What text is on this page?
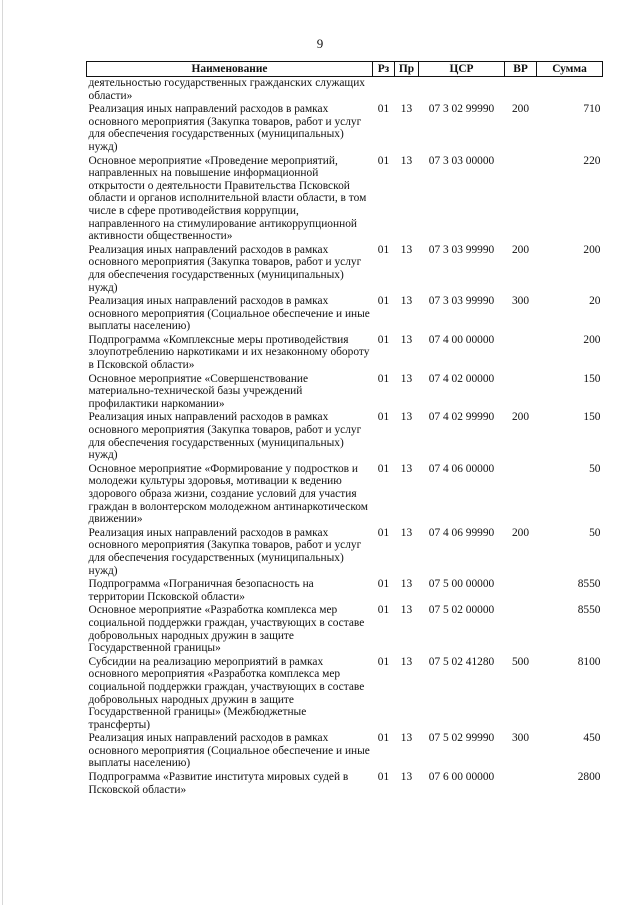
9
Наименование	Рз	Пр	ЦСР	ВР	Сумма
деятельностью государственных гражданских служащих области»					
Реализация иных направлений расходов в рамках основного мероприятия (Закупка товаров, работ и услуг для обеспечения государственных (муниципальных) нужд)	01	13	07 3 02 99990	200	710
Основное мероприятие «Проведение мероприятий, направленных на повышение информационной открытости о деятельности Правительства Псковской области и органов исполнительной власти области, в том числе в сфере противодействия коррупции, направленного на стимулирование антикоррупционной активности общественности»	01	13	07 3 03 00000		220
Реализация иных направлений расходов в рамках основного мероприятия (Закупка товаров, работ и услуг для обеспечения государственных (муниципальных) нужд)	01	13	07 3 03 99990	200	200
Реализация иных направлений расходов в рамках основного мероприятия (Социальное обеспечение и иные выплаты населению)	01	13	07 3 03 99990	300	20
Подпрограмма «Комплексные меры противодействия злоупотреблению наркотиками и их незаконному обороту в Псковской области»	01	13	07 4 00 00000		200
Основное мероприятие «Совершенствование материально-технической базы учреждений профилактики наркомании»	01	13	07 4 02 00000		150
Реализация иных направлений расходов в рамках основного мероприятия (Закупка товаров, работ и услуг для обеспечения государственных (муниципальных) нужд)	01	13	07 4 02 99990	200	150
Основное мероприятие «Формирование у подростков и молодежи культуры здоровья, мотивации к ведению здорового образа жизни, создание условий для участия граждан в волонтерском молодежном антинаркотическом движении»	01	13	07 4 06 00000		50
Реализация иных направлений расходов в рамках основного мероприятия (Закупка товаров, работ и услуг для обеспечения государственных (муниципальных) нужд)	01	13	07 4 06 99990	200	50
Подпрограмма «Пограничная безопасность на территории Псковской области»	01	13	07 5 00 00000		8550
Основное мероприятие «Разработка комплекса мер социальной поддержки граждан, участвующих в составе добровольных народных дружин в защите Государственной границы»	01	13	07 5 02 00000		8550
Субсидии на реализацию мероприятий в рамках основного мероприятия «Разработка комплекса мер социальной поддержки граждан, участвующих в составе добровольных народных дружин в защите Государственной границы» (Межбюджетные трансферты)	01	13	07 5 02 41280	500	8100
Реализация иных направлений расходов в рамках основного мероприятия (Социальное обеспечение и иные выплаты населению)	01	13	07 5 02 99990	300	450
Подпрограмма «Развитие института мировых судей в Псковской области»	01	13	07 6 00 00000		2800
